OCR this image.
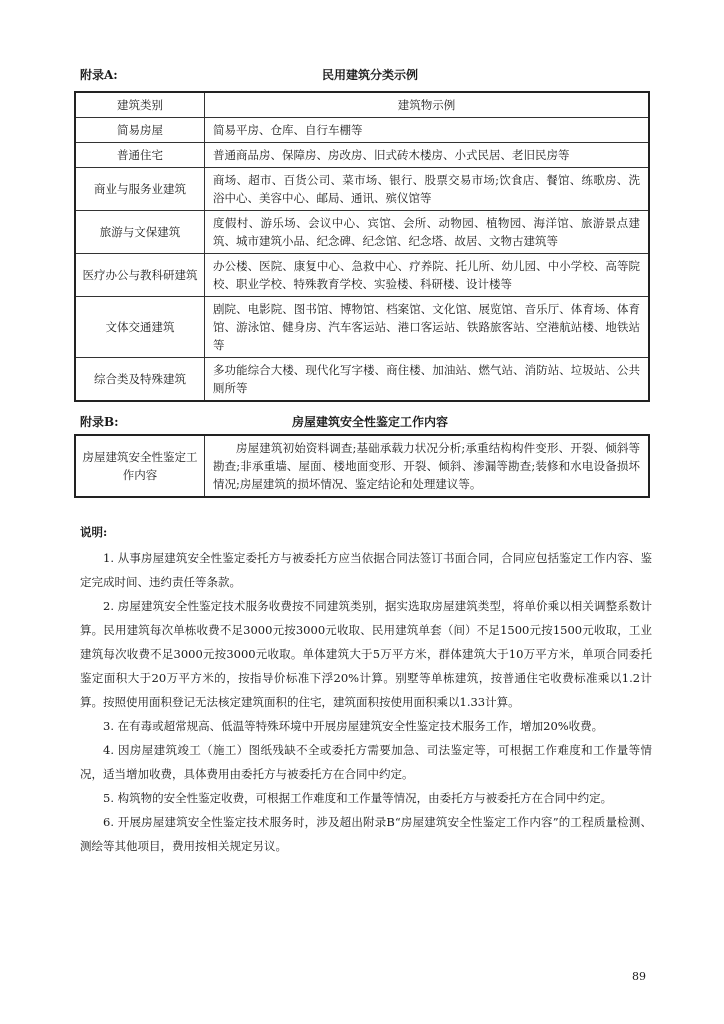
附录A:	民用建筑分类示例
建筑类别	建筑物示例
简易房屋	简易平房、仓库、自行车棚等
普通住宅	普通商品房、保障房、房改房、旧式砖木楼房、小式民居、老旧民房等
商业与服务业建筑	商场、超市、百货公司、菜市场、银行、股票交易市场;饮食店、餐馆、练歌房、洗浴中心、美容中心、邮局、通讯、殡仪馆等
旅游与文保建筑	度假村、游乐场、会议中心、宾馆、会所、动物园、植物园、海洋馆、旅游景点建筑、城市建筑小品、纪念碑、纪念馆、纪念塔、故居、文物古建筑等
医疗办公与教科研建筑	办公楼、医院、康复中心、急救中心、疗养院、托儿所、幼儿园、中小学校、高等院校、职业学校、特殊教育学校、实验楼、科研楼、设计楼等
文体交通建筑	剧院、电影院、图书馆、博物馆、档案馆、文化馆、展览馆、音乐厅、体育场、体育馆、游泳馆、健身房、汽车客运站、港口客运站、铁路旅客站、空港航站楼、地铁站等
综合类及特殊建筑	多功能综合大楼、现代化写字楼、商住楼、加油站、燃气站、消防站、垃圾站、公共厕所等
附录B:	房屋建筑安全性鉴定工作内容
房屋建筑安全性鉴定工作内容	房屋建筑初始资料调查;基础承载力状况分析;承重结构构件变形、开裂、倾斜等勘查;非承重墙、屋面、楼地面变形、开裂、倾斜、渗漏等勘查;装修和水电设备损坏情况;房屋建筑的损坏情况、鉴定结论和处理建议等。
说明:

1. 从事房屋建筑安全性鉴定委托方与被委托方应当依据合同法签订书面合同，合同应包括鉴定工作内容、鉴定完成时间、违约责任等条款。

2. 房屋建筑安全性鉴定技术服务收费按不同建筑类别，据实选取房屋建筑类型，将单价乘以相关调整系数计算。民用建筑每次单栋收费不足3000元按3000元收取、民用建筑单套（间）不足1500元按1500元收取，工业建筑每次收费不足3000元按3000元收取。单体建筑大于5万平方米，群体建筑大于10万平方米，单项合同委托鉴定面积大于20万平方米的，按指导价标准下浮20%计算。别墅等单栋建筑，按普通住宅收费标准乘以1.2计算。按照使用面积登记无法核定建筑面积的住宅，建筑面积按使用面积乘以1.33计算。

3. 在有毒或超常规高、低温等特殊环境中开展房屋建筑安全性鉴定技术服务工作，增加20%收费。

4. 因房屋建筑竣工（施工）图纸残缺不全或委托方需要加急、司法鉴定等，可根据工作难度和工作量等情况，适当增加收费，具体费用由委托方与被委托方在合同中约定。

5. 构筑物的安全性鉴定收费，可根据工作难度和工作量等情况，由委托方与被委托方在合同中约定。

6. 开展房屋建筑安全性鉴定技术服务时，涉及超出附录B“房屋建筑安全性鉴定工作内容”的工程质量检测、测绘等其他项目，费用按相关规定另议。

89
